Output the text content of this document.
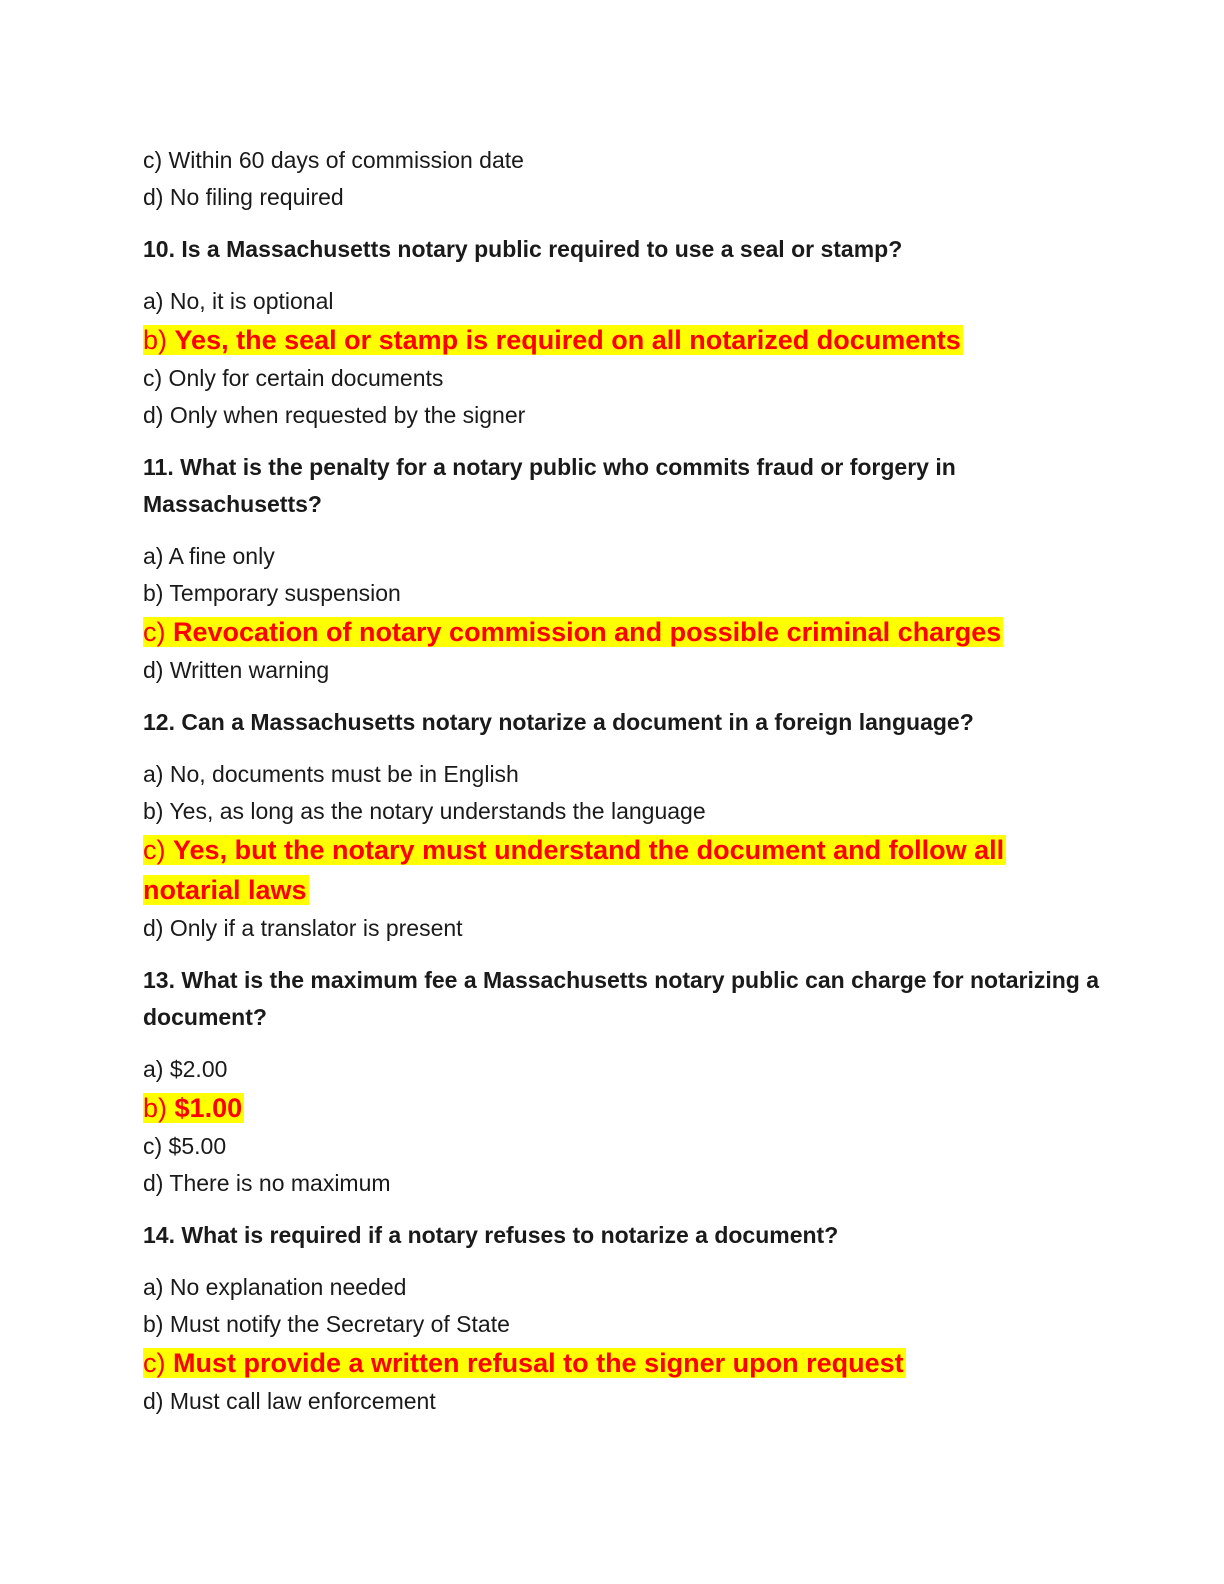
c) Within 60 days of commission date
d) No filing required
10. Is a Massachusetts notary public required to use a seal or stamp?
a) No, it is optional
b) Yes, the seal or stamp is required on all notarized documents
c) Only for certain documents
d) Only when requested by the signer
11. What is the penalty for a notary public who commits fraud or forgery in Massachusetts?
a) A fine only
b) Temporary suspension
c) Revocation of notary commission and possible criminal charges
d) Written warning
12. Can a Massachusetts notary notarize a document in a foreign language?
a) No, documents must be in English
b) Yes, as long as the notary understands the language
c) Yes, but the notary must understand the document and follow all notarial laws
d) Only if a translator is present
13. What is the maximum fee a Massachusetts notary public can charge for notarizing a document?
a) $2.00
b) $1.00
c) $5.00
d) There is no maximum
14. What is required if a notary refuses to notarize a document?
a) No explanation needed
b) Must notify the Secretary of State
c) Must provide a written refusal to the signer upon request
d) Must call law enforcement
